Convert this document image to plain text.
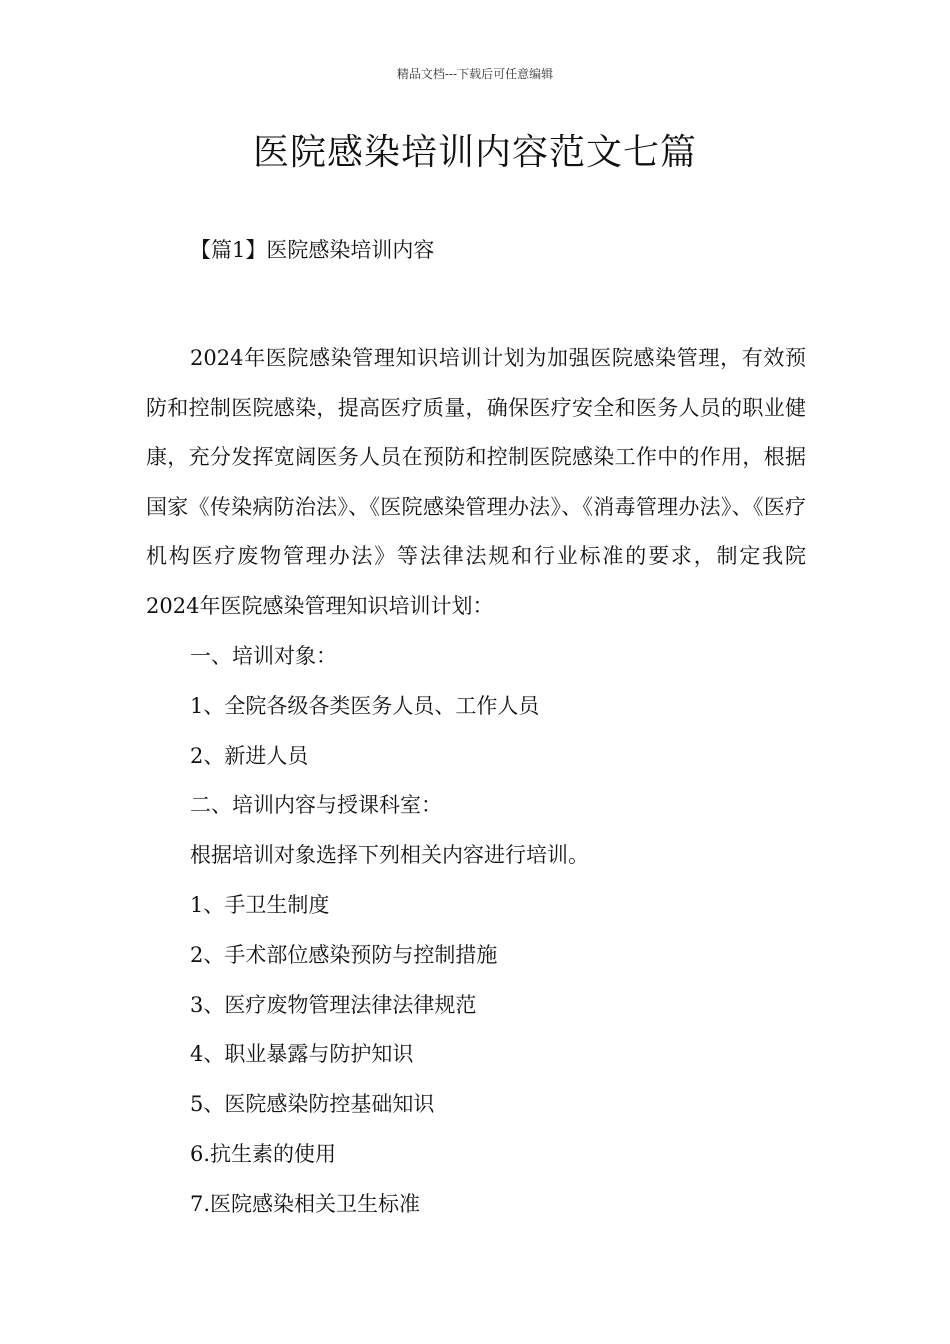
精品文档---下载后可任意编辑
医院感染培训内容范文七篇
【篇1】医院感染培训内容

2024年医院感染管理知识培训计划为加强医院感染管理，有效预防和控制医院感染，提高医疗质量，确保医疗安全和医务人员的职业健康，充分发挥宽阔医务人员在预防和控制医院感染工作中的作用，根据国家《传染病防治法》、《医院感染管理办法》、《消毒管理办法》、《医疗机构医疗废物管理办法》等法律法规和行业标准的要求，制定我院2024年医院感染管理知识培训计划：

一、培训对象：
1、全院各级各类医务人员、工作人员
2、新进人员
二、培训内容与授课科室：
根据培训对象选择下列相关内容进行培训。
1、手卫生制度
2、手术部位感染预防与控制措施
3、医疗废物管理法律法律规范
4、职业暴露与防护知识
5、医院感染防控基础知识
6.抗生素的使用
7.医院感染相关卫生标准
